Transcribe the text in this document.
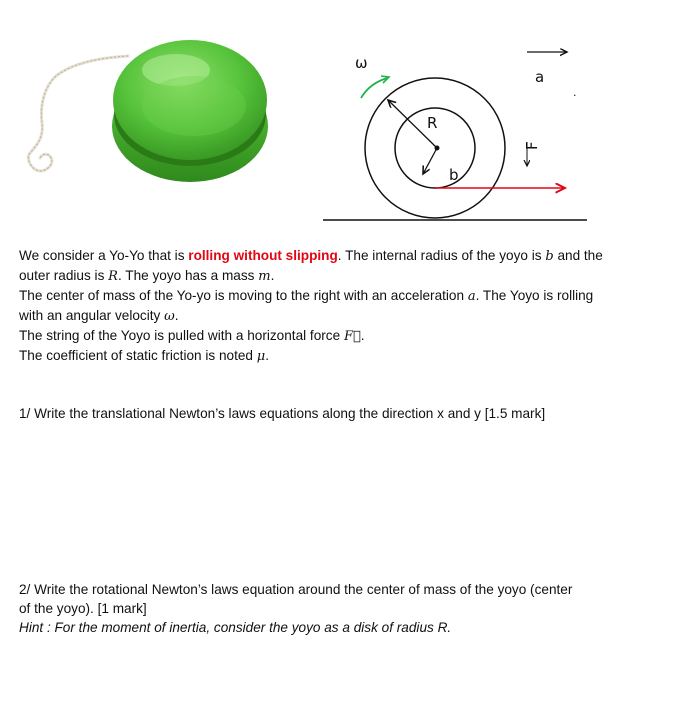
ω
a
.
R
b
F

We consider a Yo-Yo that is rolling without slipping. The internal radius of the yoyo is b and the

outer radius is R. The yoyo has a mass m.

The center of mass of the Yo-yo is moving to the right with an acceleration a. The Yoyo is rolling

with an angular velocity ω.

The string of the Yoyo is pulled with a horizontal force F⃗.

The coefficient of static friction is noted μ.

1/ Write the translational Newton’s laws equations along the direction x and y [1.5 mark]

2/ Write the rotational Newton’s laws equation around the center of mass of the yoyo (center

of the yoyo). [1 mark]

Hint : For the moment of inertia, consider the yoyo as a disk of radius R.
